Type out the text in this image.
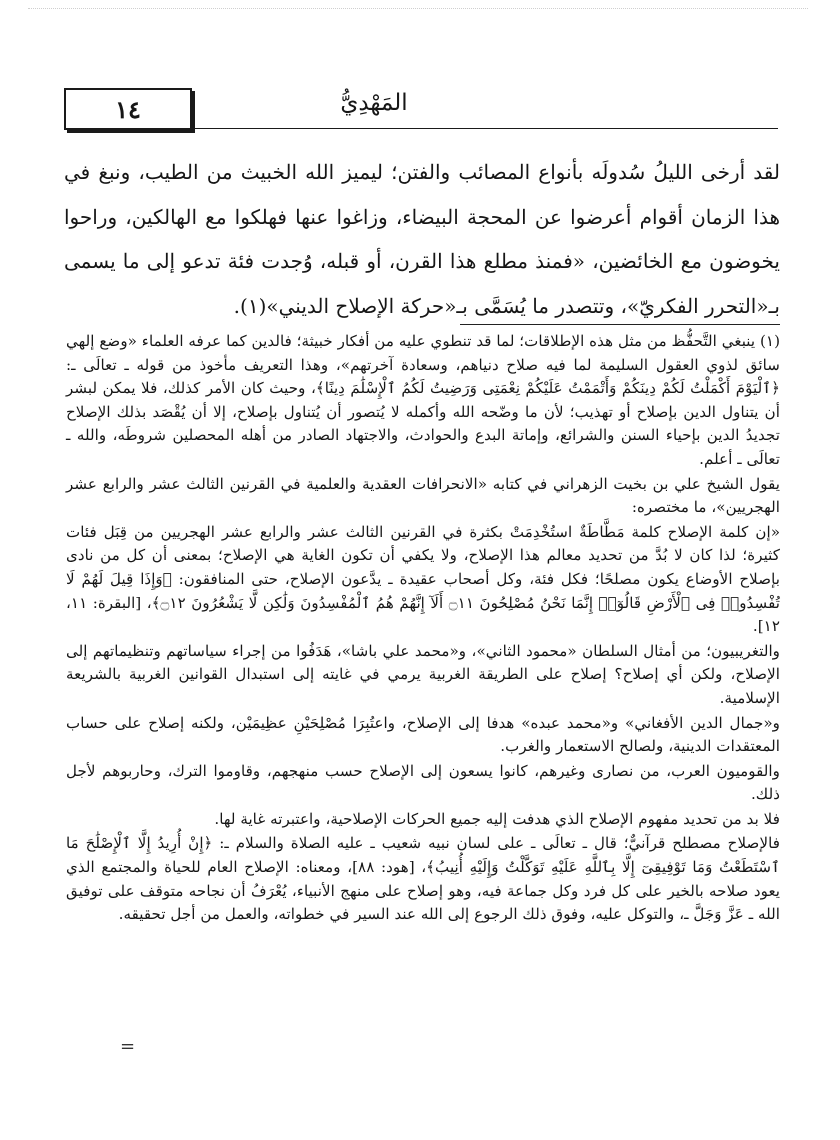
١٤	المَهْدِيُّ

لقد أرخى الليلُ سُدولَه بأنواع المصائب والفتن؛ ليميز الله الخبيث من الطيب، ونبغ في هذا الزمان أقوام أعرضوا عن المحجة البيضاء، وزاغوا عنها فهلكوا مع الهالكين، وراحوا يخوضون مع الخائضين، «فمنذ مطلع هذا القرن، أو قبله، وُجدت فئة تدعو إلى ما يسمى بـ«التحرر الفكريّ»، وتتصدر ما يُسَمَّى بـ«حركة الإصلاح الديني»(١).

(١) ينبغي التَّحفُّظ من مثل هذه الإطلاقات؛ لما قد تنطوي عليه من أفكار خبيثة؛ فالدين كما عرفه العلماء «وضع إلهي سائق لذوي العقول السليمة لما فيه صلاح دنياهم، وسعادة آخرتهم»، وهذا التعريف مأخوذ من قوله ـ تعالَى ـ: ﴿ٱلْيَوْمَ أَكْمَلْتُ لَكُمْ دِينَكُمْ وَأَتْمَمْتُ عَلَيْكُمْ نِعْمَتِى وَرَضِيتُ لَكُمُ ٱلْإِسْلَٰمَ دِينًا﴾، وحيث كان الأمر كذلك، فلا يمكن لبشر أن يتناول الدين بإصلاح أو تهذيب؛ لأن ما وضّحه الله وأكمله لا يُتصور أن يُتناول بإصلاح، إلا أن يُقْصَد بذلك الإصلاح تجديدُ الدين بإحياء السنن والشرائع، وإماتة البدع والحوادث، والاجتهاد الصادر من أهله المحصلين شروطَه، والله ـ تعالَى ـ أعلم.

يقول الشيخ علي بن بخيت الزهراني في كتابه «الانحرافات العقدية والعلمية في القرنين الثالث عشر والرابع عشر الهجريين»، ما مختصره:

«إن كلمة الإصلاح كلمة مَطَّاطَةٌ استُخْدِمَتْ بكثرة في القرنين الثالث عشر والرابع عشر الهجريين من قِبَل فئات كثيرة؛ لذا كان لا بُدَّ من تحديد معالم هذا الإصلاح، ولا يكفي أن تكون الغاية هي الإصلاح؛ بمعنى أن كل من نادى بإصلاح الأوضاع يكون مصلحًا؛ فكل فئة، وكل أصحاب عقيدة ـ يدَّعون الإصلاح، حتى المنافقون: ﴿وَإِذَا قِيلَ لَهُمْ لَا تُفْسِدُوا۟ فِى ٱلْأَرْضِ قَالُوٓا۟ إِنَّمَا نَحْنُ مُصْلِحُونَ ۝١١ أَلَآ إِنَّهُمْ هُمُ ٱلْمُفْسِدُونَ وَلَٰكِن لَّا يَشْعُرُونَ ۝١٢﴾، [البقرة: ١١، ١٢].

والتغريبيون؛ من أمثال السلطان «محمود الثاني»، و«محمد علي باشا»، هَدَفُوا من إجراء سياساتهم وتنظيماتهم إلى الإصلاح، ولكن أي إصلاح؟ إصلاح على الطريقة الغربية يرمي في غايته إلى استبدال القوانين الغربية بالشريعة الإسلامية.

و«جمال الدين الأفغاني» و«محمد عبده» هدفا إلى الإصلاح، واعتُبِرَا مُصْلِحَيْنِ عظِيمَيْن، ولكنه إصلاح على حساب المعتقدات الدينية، ولصالح الاستعمار والغرب.

والقوميون العرب، من نصارى وغيرهم، كانوا يسعون إلى الإصلاح حسب منهجهم، وقاوموا الترك، وحاربوهم لأجل ذلك.

فلا بد من تحديد مفهوم الإصلاح الذي هدفت إليه جميع الحركات الإصلاحية، واعتبرته غاية لها.

فالإصلاح مصطلح قرآنيٌّ؛ قال ـ تعالَى ـ على لسان نبيه شعيب ـ عليه الصلاة والسلام ـ: ﴿إِنْ أُرِيدُ إِلَّا ٱلْإِصْلَٰحَ مَا ٱسْتَطَعْتُ وَمَا تَوْفِيقِىٓ إِلَّا بِٱللَّهِ عَلَيْهِ تَوَكَّلْتُ وَإِلَيْهِ أُنِيبُ﴾، [هود: ٨٨]، ومعناه: الإصلاح العام للحياة والمجتمع الذي يعود صلاحه بالخير على كل فرد وكل جماعة فيه، وهو إصلاح على منهج الأنبياء، يُعْرَفُ أن نجاحه متوقف على توفيق الله ـ عَزَّ وَجَلَّ ـ، والتوكل عليه، وفوق ذلك الرجوع إلى الله عند السير في خطواته، والعمل من أجل تحقيقه.

=
